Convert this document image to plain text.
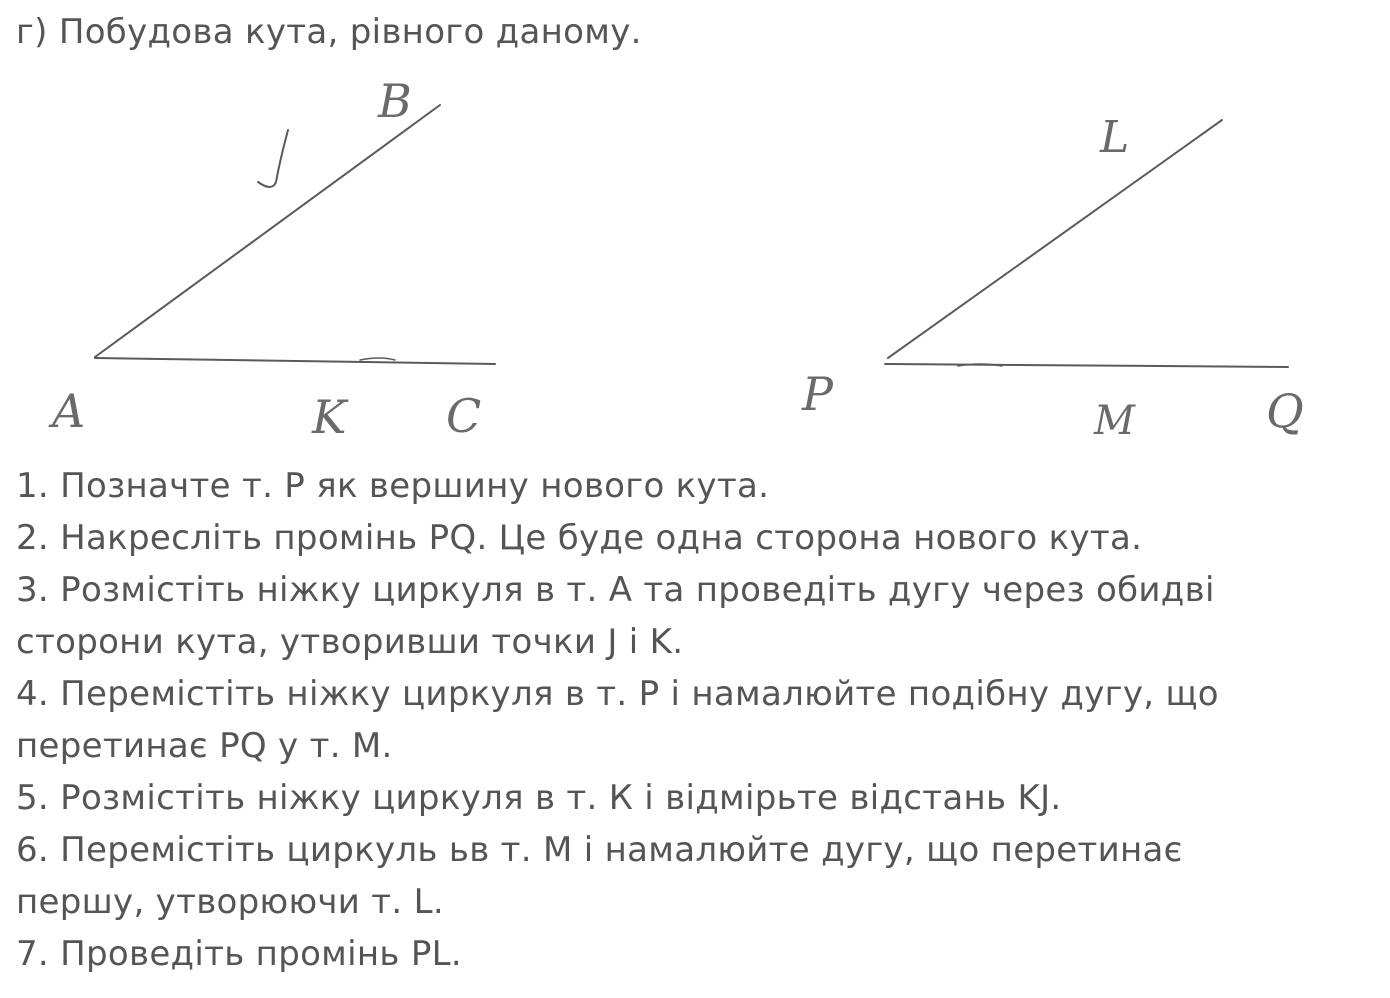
г) Побудова кута, рівного даному.
A
B
C
J
K	P
L
Q
M
1. Позначте т. Р як вершину нового кута.
2. Накресліть промінь PQ. Це буде одна сторона нового кута.
3. Розмістіть ніжку циркуля в т. А та проведіть дугу через обидві
сторони кута, утворивши точки J і K.
4. Перемістіть ніжку циркуля в т. Р і намалюйте подібну дугу, що
перетинає PQ у т. М.
5. Розмістіть ніжку циркуля в т. К і відмірьте відстань KJ.
6. Перемістіть циркуль ьв т. М і намалюйте дугу, що перетинає
першу, утворюючи т. L.
7. Проведіть промінь PL.
